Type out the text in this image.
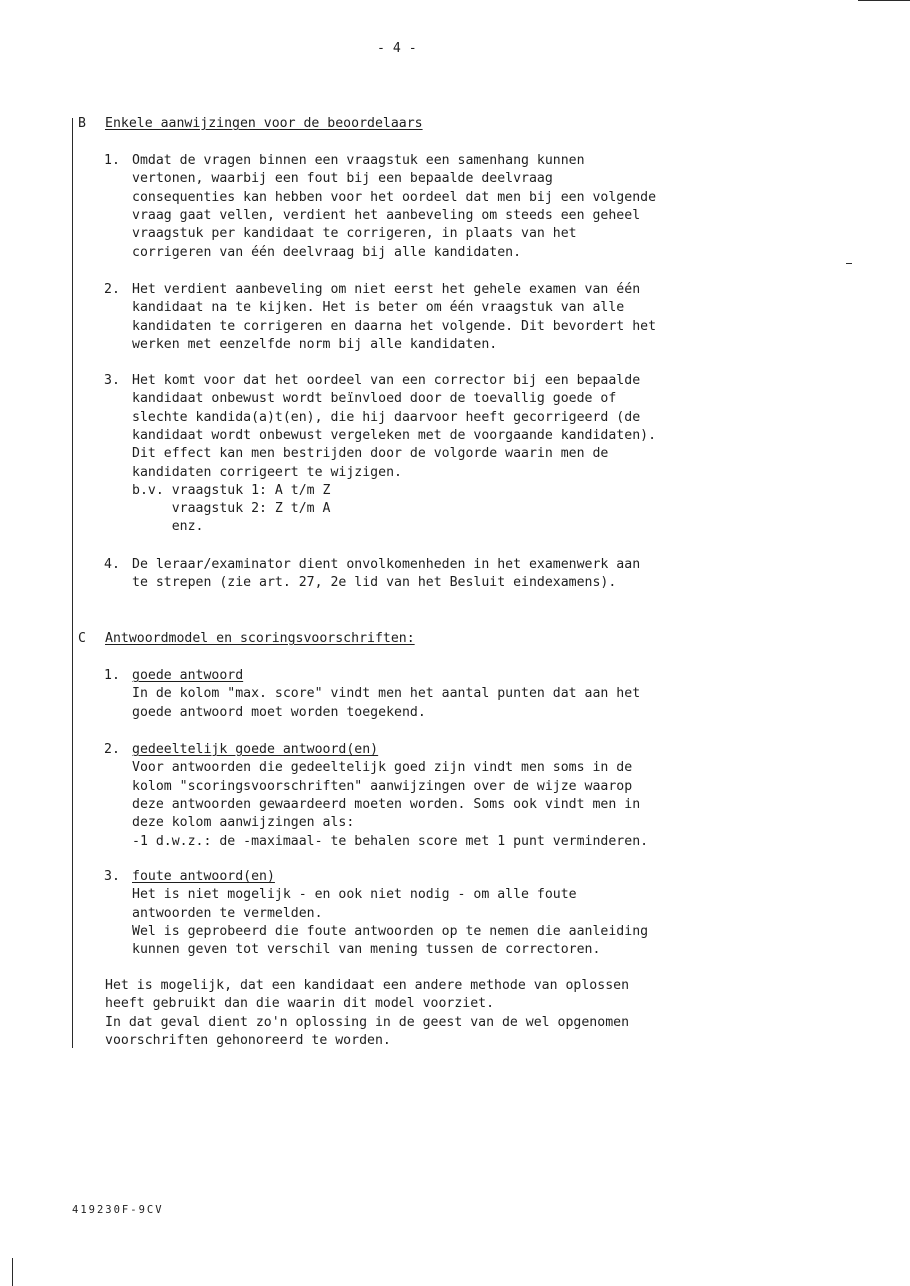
- 4 -
B Enkele aanwijzingen voor de beoordelaars
1. Omdat de vragen binnen een vraagstuk een samenhang kunnen
vertonen, waarbij een fout bij een bepaalde deelvraag
consequenties kan hebben voor het oordeel dat men bij een volgende
vraag gaat vellen, verdient het aanbeveling om steeds een geheel
vraagstuk per kandidaat te corrigeren, in plaats van het
corrigeren van één deelvraag bij alle kandidaten.
2. Het verdient aanbeveling om niet eerst het gehele examen van één
kandidaat na te kijken. Het is beter om één vraagstuk van alle
kandidaten te corrigeren en daarna het volgende. Dit bevordert het
werken met eenzelfde norm bij alle kandidaten.
3. Het komt voor dat het oordeel van een corrector bij een bepaalde
kandidaat onbewust wordt beïnvloed door de toevallig goede of
slechte kandida(a)t(en), die hij daarvoor heeft gecorrigeerd (de
kandidaat wordt onbewust vergeleken met de voorgaande kandidaten).
Dit effect kan men bestrijden door de volgorde waarin men de
kandidaten corrigeert te wijzigen.
b.v. vraagstuk 1: A t/m Z
vraagstuk 2: Z t/m A
enz.
4. De leraar/examinator dient onvolkomenheden in het examenwerk aan
te strepen (zie art. 27, 2e lid van het Besluit eindexamens).
C Antwoordmodel en scoringsvoorschriften:
1. goede antwoord
In de kolom "max. score" vindt men het aantal punten dat aan het
goede antwoord moet worden toegekend.
2. gedeeltelijk goede antwoord(en)
Voor antwoorden die gedeeltelijk goed zijn vindt men soms in de
kolom "scoringsvoorschriften" aanwijzingen over de wijze waarop
deze antwoorden gewaardeerd moeten worden. Soms ook vindt men in
deze kolom aanwijzingen als:
-1 d.w.z.: de -maximaal- te behalen score met 1 punt verminderen.
3. foute antwoord(en)
Het is niet mogelijk - en ook niet nodig - om alle foute
antwoorden te vermelden.
Wel is geprobeerd die foute antwoorden op te nemen die aanleiding
kunnen geven tot verschil van mening tussen de correctoren.
Het is mogelijk, dat een kandidaat een andere methode van oplossen
heeft gebruikt dan die waarin dit model voorziet.
In dat geval dient zo'n oplossing in de geest van de wel opgenomen
voorschriften gehonoreerd te worden.
419230F-9CV
